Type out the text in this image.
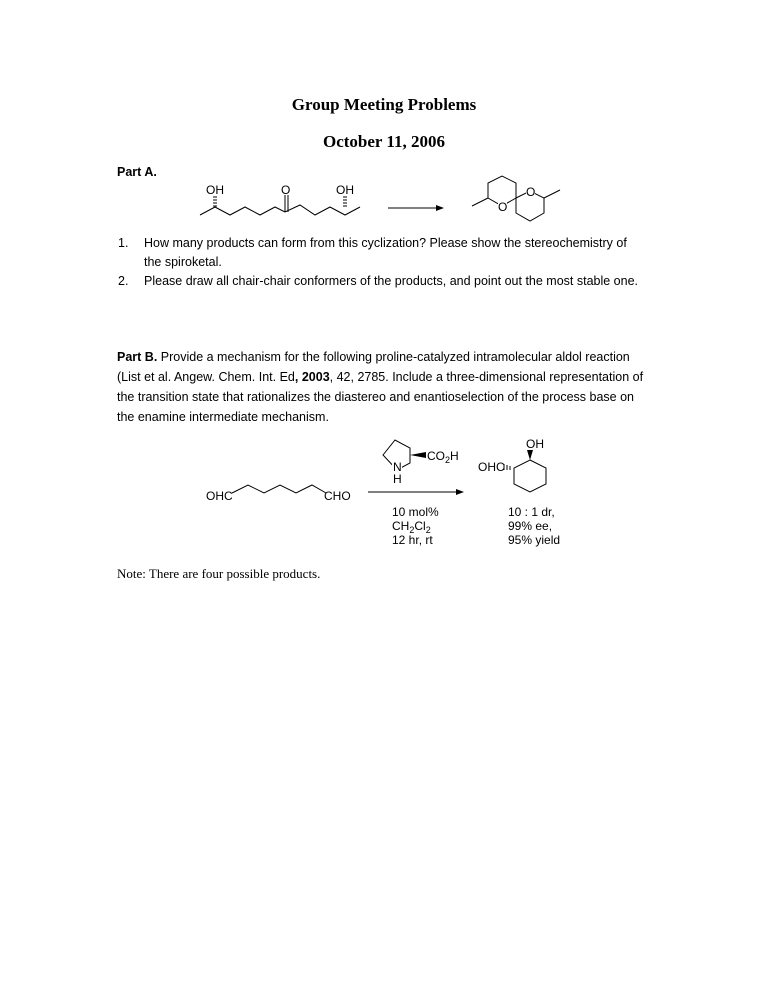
Group Meeting Problems
October 11, 2006
Part A.
OH	O	OH	O
O
1. How many products can form from this cyclization? Please show the stereochemistry of
the spiroketal.
2. Please draw all chair-chair conformers of the products, and point out the most stable one.
Part B. Provide a mechanism for the following proline-catalyzed intramolecular aldol reaction
(List et al. Angew. Chem. Int. Ed, 2003, 42, 2785. Include a three-dimensional representation of
the transition state that rationalizes the diastereo and enantioselection of the process base on
the enamine intermediate mechanism.
OHC	CHO
N
H
$CO_2H$
10 mol%
$CH_2Cl_2$
12 hr, rt
OH
OHC
10 : 1 dr,
99% ee,
95% yield
Note: There are four possible products.
